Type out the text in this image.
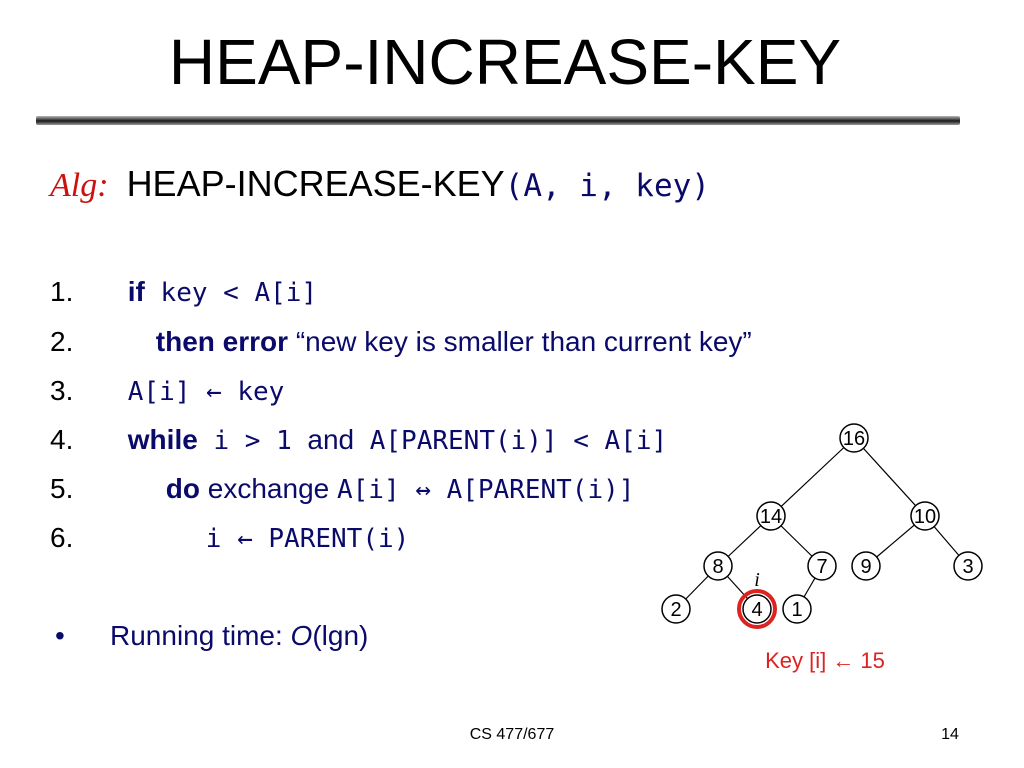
HEAP-INCREASE-KEY
Alg: HEAP-INCREASE-KEY(A, i, key)
1. if key < A[i]
2.	then error “new key is smaller than current key”
3. A[i] ← key
4. while i > 1 and A[PARENT(i)] < A[i]
5.	do exchange A[i] ↔ A[PARENT(i)]
6.	i ← PARENT(i)
• Running time: O(lgn)
16
14	10
8	7 9	3
2	4 1
i
Key [i] ← 15
CS 477/677	14
